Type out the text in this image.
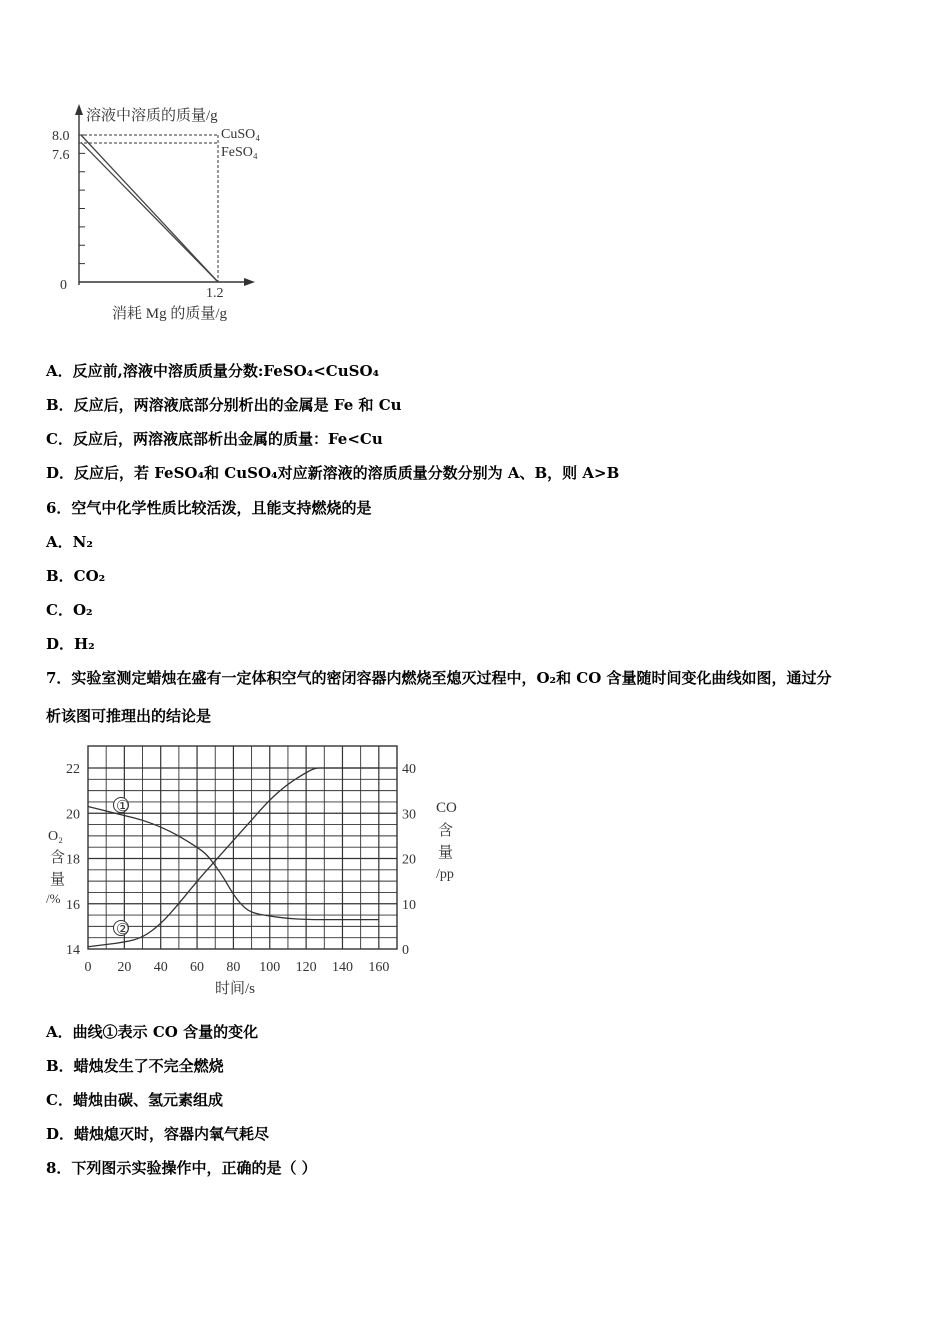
溶液中溶质的质量/g
8.0
7.6
0
1.2
CuSO₄
FeSO₄
消耗 Mg 的质量/g
A．反应前,溶液中溶质质量分数:FeSO₄<CuSO₄
B．反应后，两溶液底部分别析出的金属是 Fe 和 Cu
C．反应后，两溶液底部析出金属的质量：Fe<Cu
D．反应后，若 FeSO₄和 CuSO₄对应新溶液的溶质质量分数分别为 A、B，则 A>B
6．空气中化学性质比较活泼，且能支持燃烧的是
A．N₂
B．CO₂
C．O₂
D．H₂
7．实验室测定蜡烛在盛有一定体积空气的密闭容器内燃烧至熄灭过程中，O₂和 CO 含量随时间变化曲线如图，通过分
析该图可推理出的结论是
22
20
18
16
14
40
30
20
10
0
0 20 40 60 80 100 120 140 160
①
②
O₂
含
量
/%
CO
含
量
/pp
时间/s
A．曲线①表示 CO 含量的变化
B．蜡烛发生了不完全燃烧
C．蜡烛由碳、氢元素组成
D．蜡烛熄灭时，容器内氧气耗尽
8．下列图示实验操作中，正确的是（ ）
